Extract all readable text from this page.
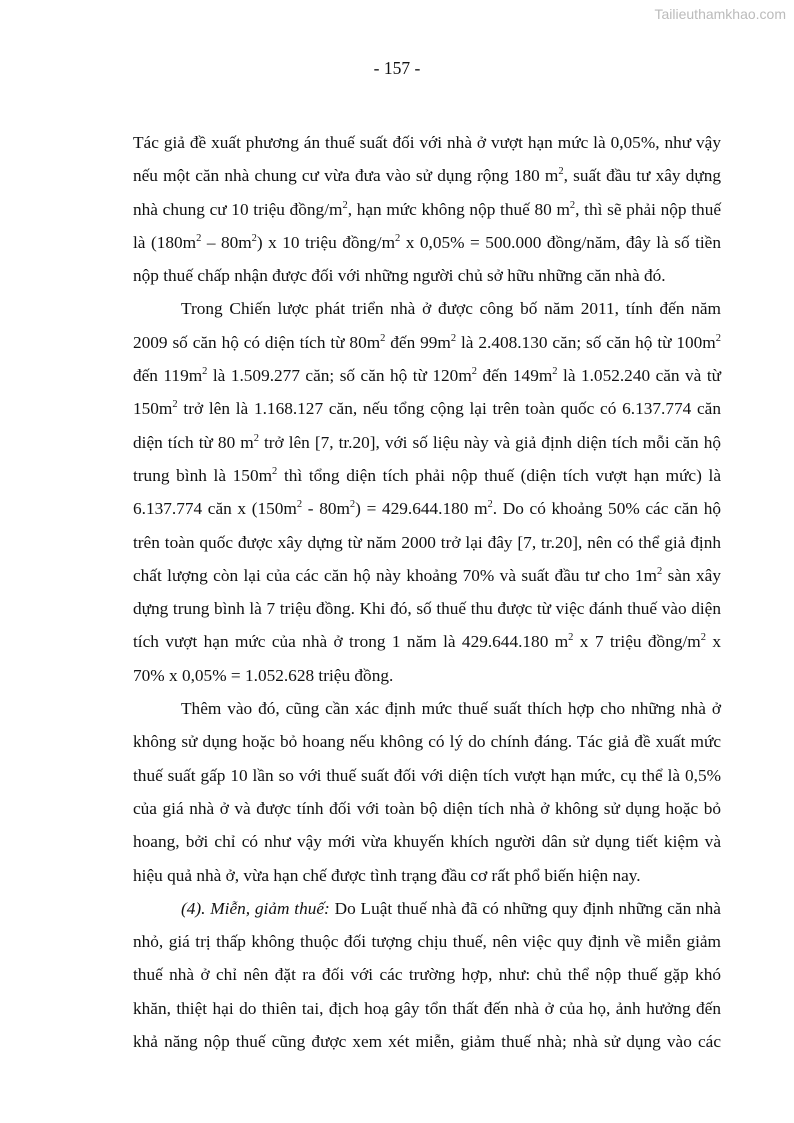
Tailieuthamkhao.com
- 157 -
Tác giả đề xuất phương án thuế suất đối với nhà ở vượt hạn mức là 0,05%, như vậy
nếu một căn nhà chung cư vừa đưa vào sử dụng rộng 180 $m^2$, suất đầu tư xây dựng
nhà chung cư 10 triệu đồng/$m^2$, hạn mức không nộp thuế 80 $m^2$, thì sẽ phải nộp thuế
là $(180m^2 - 80m^2)$ x 10 triệu đồng/$m^2$ x 0,05% = 500.000 đồng/năm, đây là số tiền
nộp thuế chấp nhận được đối với những người chủ sở hữu những căn nhà đó.
Trong Chiến lược phát triển nhà ở được công bố năm 2011, tính đến năm
2009 số căn hộ có diện tích từ $80m^2$ đến $99m^2$ là 2.408.130 căn; số căn hộ từ $100m^2$
đến $119m^2$ là 1.509.277 căn; số căn hộ từ $120m^2$ đến $149m^2$ là 1.052.240 căn và từ
$150m^2$ trở lên là 1.168.127 căn, nếu tổng cộng lại trên toàn quốc có 6.137.774 căn
diện tích từ 80 $m^2$ trở lên [7, tr.20], với số liệu này và giả định diện tích mỗi căn hộ
trung bình là $150m^2$ thì tổng diện tích phải nộp thuế (diện tích vượt hạn mức) là
6.137.774 căn x $(150m^2 - 80m^2) = 429.644.180$ $m^2$. Do có khoảng 50% các căn hộ
trên toàn quốc được xây dựng từ năm 2000 trở lại đây [7, tr.20], nên có thể giả định
chất lượng còn lại của các căn hộ này khoảng 70% và suất đầu tư cho $1m^2$ sàn xây
dựng trung bình là 7 triệu đồng. Khi đó, số thuế thu được từ việc đánh thuế vào diện
tích vượt hạn mức của nhà ở trong 1 năm là 429.644.180 $m^2$ x 7 triệu đồng/$m^2$ x
70% x 0,05% = 1.052.628 triệu đồng.
Thêm vào đó, cũng cần xác định mức thuế suất thích hợp cho những nhà ở
không sử dụng hoặc bỏ hoang nếu không có lý do chính đáng. Tác giả đề xuất mức
thuế suất gấp 10 lần so với thuế suất đối với diện tích vượt hạn mức, cụ thể là 0,5%
của giá nhà ở và được tính đối với toàn bộ diện tích nhà ở không sử dụng hoặc bỏ
hoang, bởi chỉ có như vậy mới vừa khuyến khích người dân sử dụng tiết kiệm và
hiệu quả nhà ở, vừa hạn chế được tình trạng đầu cơ rất phổ biến hiện nay.
(4). Miễn, giảm thuế: Do Luật thuế nhà đã có những quy định những căn nhà
nhỏ, giá trị thấp không thuộc đối tượng chịu thuế, nên việc quy định về miễn giảm
thuế nhà ở chỉ nên đặt ra đối với các trường hợp, như: chủ thể nộp thuế gặp khó
khăn, thiệt hại do thiên tai, địch hoạ gây tổn thất đến nhà ở của họ, ảnh hưởng đến
khả năng nộp thuế cũng được xem xét miễn, giảm thuế nhà; nhà sử dụng vào các
